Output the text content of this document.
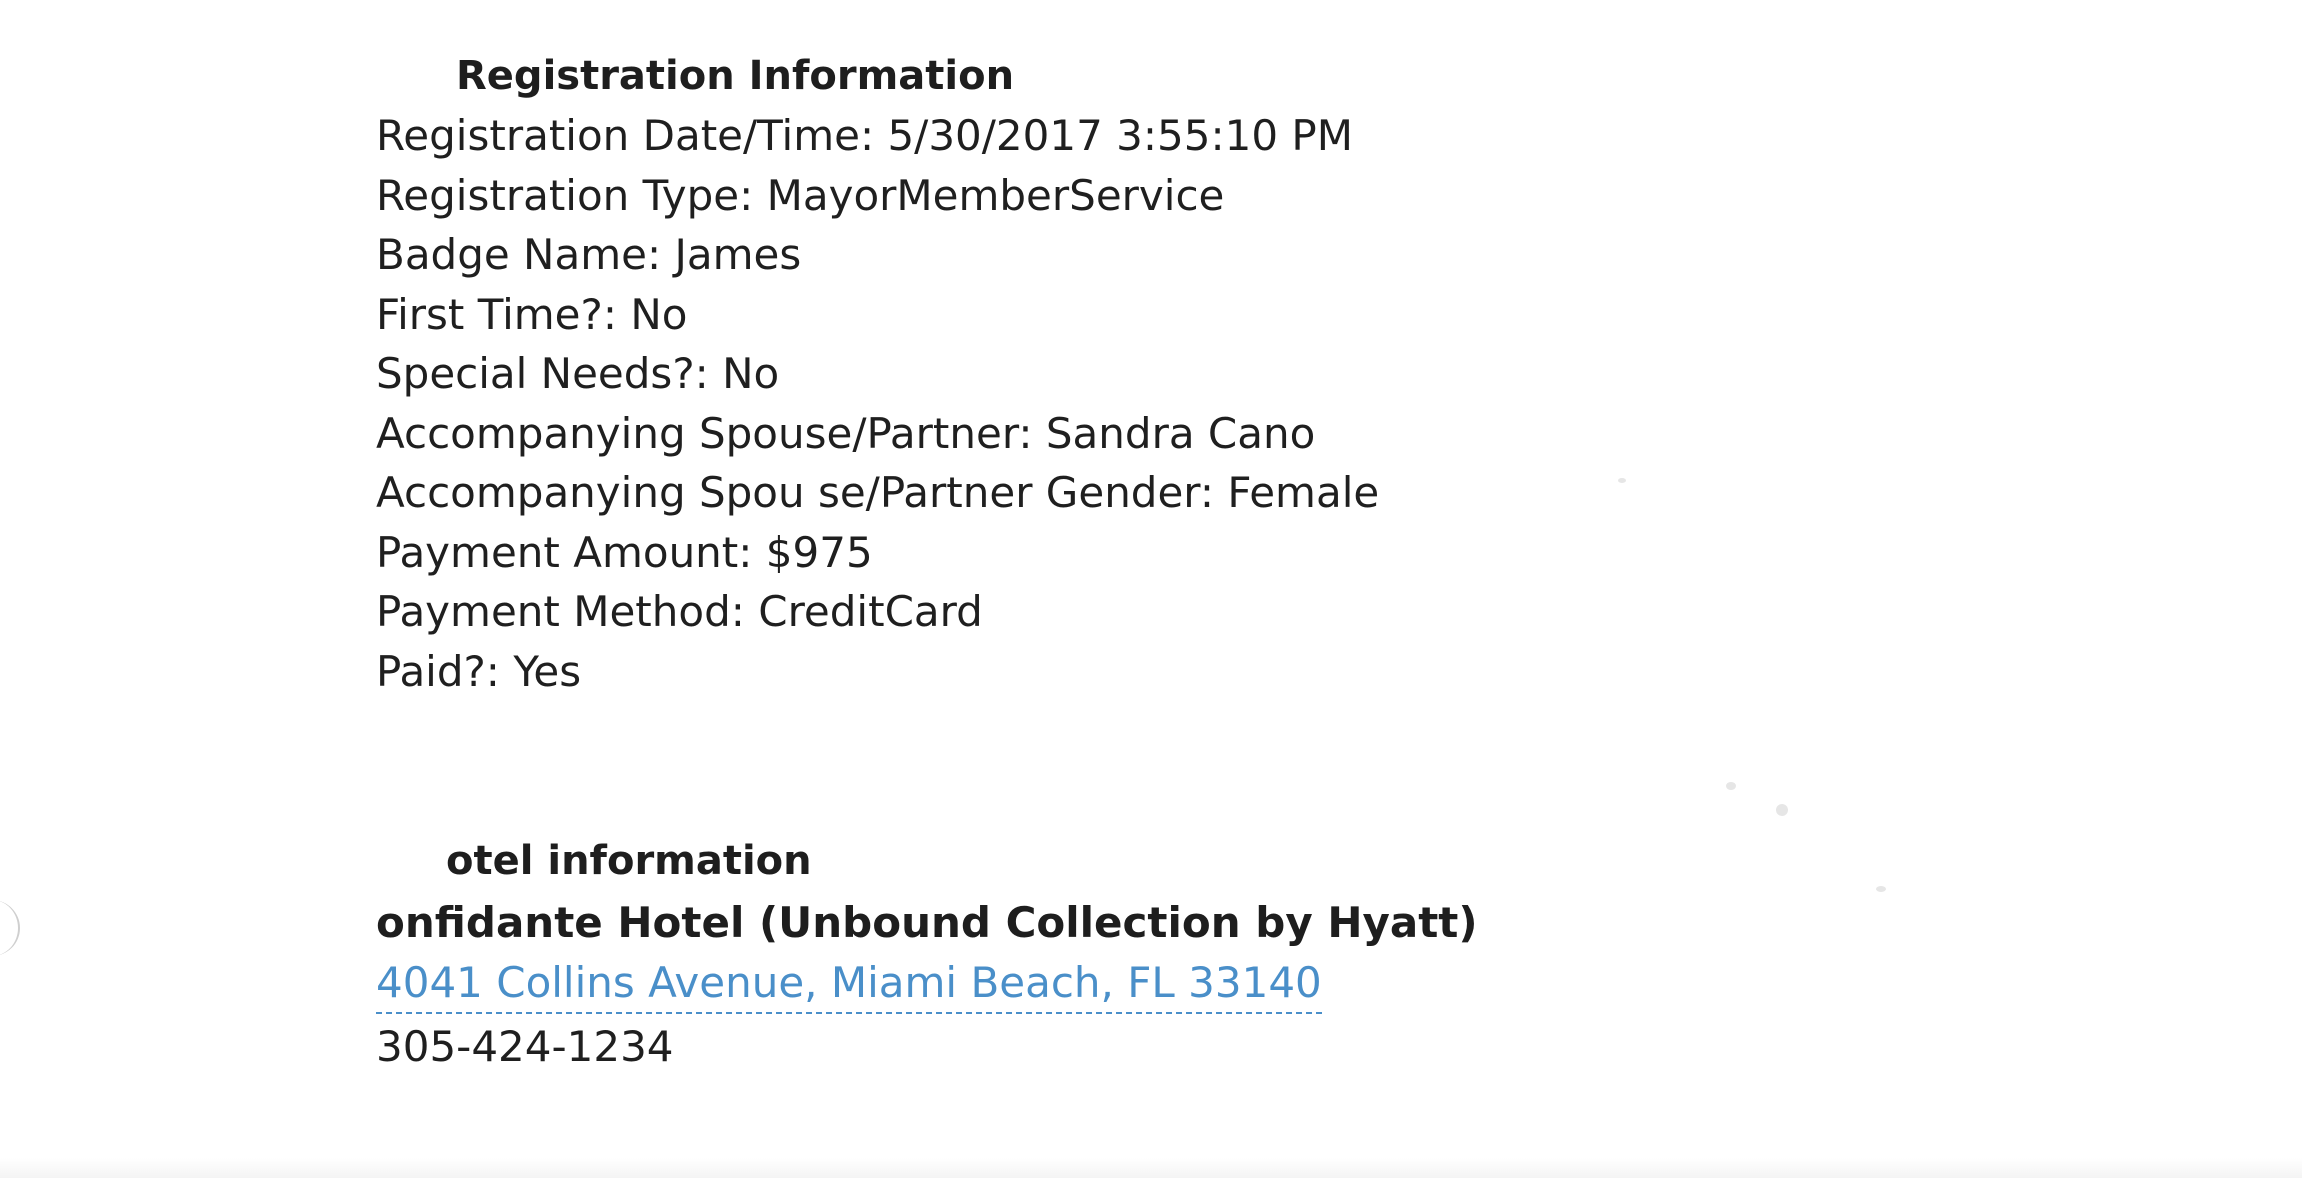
Registration Information
Registration Date/Time: 5/30/2017 3:55:10 PM
Registration Type: MayorMemberService
Badge Name: James
First Time?: No
Special Needs?: No
Accompanying Spouse/Partner: Sandra Cano
Accompanying Spou se/Partner Gender: Female
Payment Amount: $975
Payment Method: CreditCard
Paid?: Yes
otel information
onfidante Hotel (Unbound Collection by Hyatt)
4041 Collins Avenue, Miami Beach, FL 33140
305-424-1234
